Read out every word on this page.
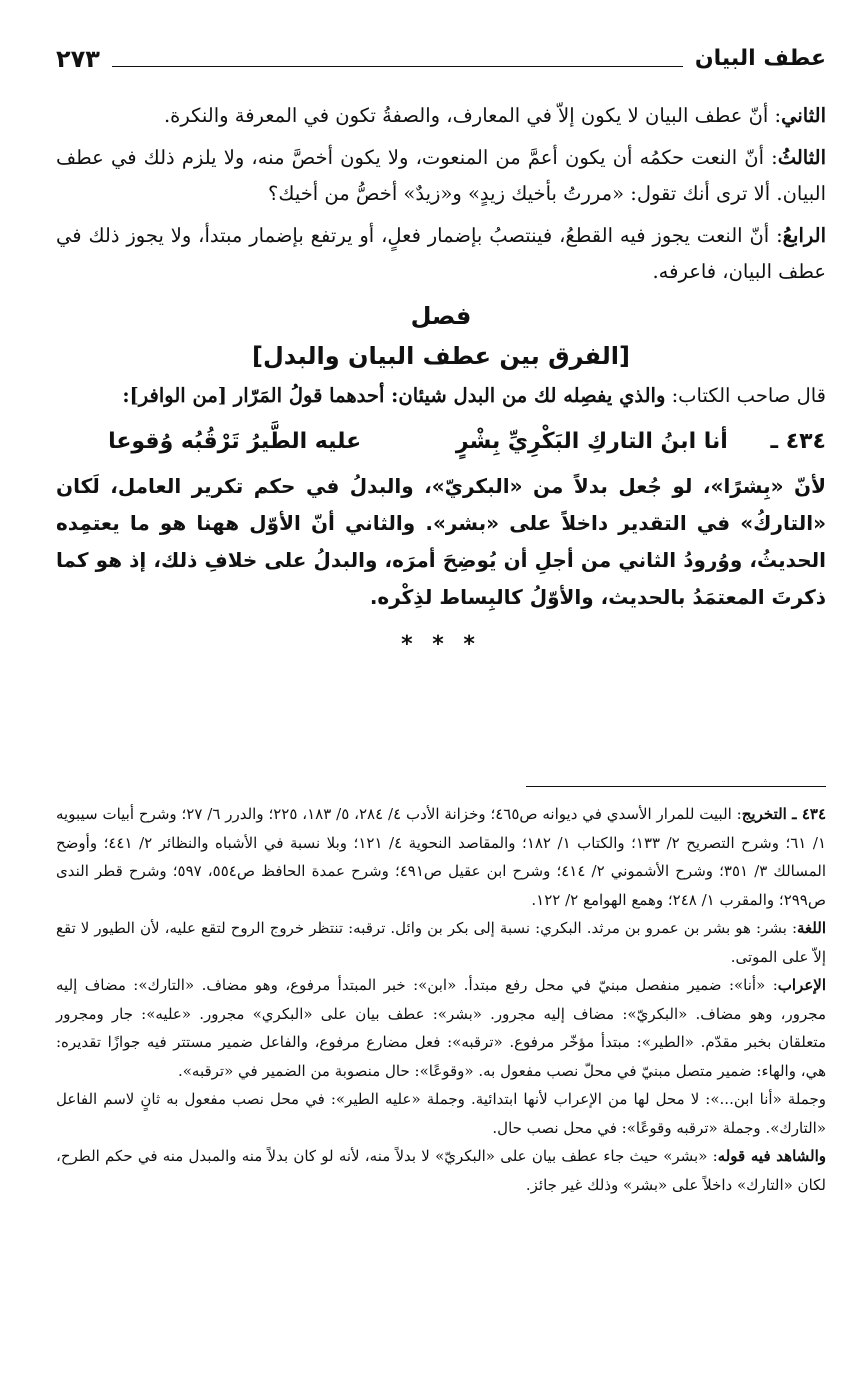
عطف البيان
٢٧٣

الثاني: أنّ عطف البيان لا يكون إلاّ في المعارف، والصفةُ تكون في المعرفة والنكرة.

الثالثُ: أنّ النعت حكمُه أن يكون أعمَّ من المنعوت، ولا يكون أخصَّ منه، ولا يلزم ذلك في عطف البيان. ألا ترى أنك تقول: «مررتُ بأخيك زيدٍ» و«زيدٌ» أخصُّ من أخيك؟

الرابعُ: أنّ النعت يجوز فيه القطعُ، فينتصبُ بإضمار فعلٍ، أو يرتفع بإضمار مبتدأ، ولا يجوز ذلك في عطف البيان، فاعرفه.

فصل
[الفرق بين عطف البيان والبدل]

قال صاحب الكتاب: والذي يفصِله لك من البدل شيئان: أحدهما قولُ المَرّار [من الوافر]:

٤٣٤ ـ
أنا ابنُ التاركِ البَكْرِيِّ بِشْرٍ
عليه الطَّيرُ تَرْقُبُه وُقوعا

لأنّ «بِشرًا»، لو جُعل بدلاً من «البكريّ»، والبدلُ في حكم تكرير العامل، لَكان «التاركُ» في التقدير داخلاً على «بشر». والثاني أنّ الأوّل ههنا هو ما يعتمِده الحديثُ، ووُرودُ الثاني من أجلِ أن يُوضِحَ أمرَه، والبدلُ على خلافِ ذلك، إذ هو كما ذكرتَ المعتمَدُ بالحديث، والأوّلُ كالبِساط لذِكْره.

* * *

٤٣٤ ـ التخريج: البيت للمرار الأسدي في ديوانه ص٤٦٥؛ وخزانة الأدب ٤/ ٢٨٤، ٥/ ١٨٣، ٢٢٥؛ والدرر ٦/ ٢٧؛ وشرح أبيات سيبويه ١/ ٦١؛ وشرح التصريح ٢/ ١٣٣؛ والكتاب ١/ ١٨٢؛ والمقاصد النحوية ٤/ ١٢١؛ وبلا نسبة في الأشباه والنظائر ٢/ ٤٤١؛ وأوضح المسالك ٣/ ٣٥١؛ وشرح الأشموني ٢/ ٤١٤؛ وشرح ابن عقيل ص٤٩١؛ وشرح عمدة الحافظ ص٥٥٤، ٥٩٧؛ وشرح قطر الندى ص٢٩٩؛ والمقرب ١/ ٢٤٨؛ وهمع الهوامع ٢/ ١٢٢.

اللغة: بشر: هو بشر بن عمرو بن مرثد. البكري: نسبة إلى بكر بن وائل. ترقبه: تنتظر خروج الروح لتقع عليه، لأن الطيور لا تقع إلاّ على الموتى.

الإعراب: «أنا»: ضمير منفصل مبنيّ في محل رفع مبتدأ. «ابن»: خبر المبتدأ مرفوع، وهو مضاف. «التارك»: مضاف إليه مجرور، وهو مضاف. «البكريّ»: مضاف إليه مجرور. «بشر»: عطف بيان على «البكري» مجرور. «عليه»: جار ومجرور متعلقان بخبر مقدّم. «الطير»: مبتدأ مؤخّر مرفوع. «ترقبه»: فعل مضارع مرفوع، والفاعل ضمير مستتر فيه جوازًا تقديره: هي، والهاء: ضمير متصل مبنيّ في محلّ نصب مفعول به. «وقوعًا»: حال منصوبة من الضمير في «ترقبه».

وجملة «أنا ابن...»: لا محل لها من الإعراب لأنها ابتدائية. وجملة «عليه الطير»: في محل نصب مفعول به ثانٍ لاسم الفاعل «التارك». وجملة «ترقبه وقوعًا»: في محل نصب حال.

والشاهد فيه قوله: «بشر» حيث جاء عطف بيان على «البكريّ» لا بدلاً منه، لأنه لو كان بدلاً منه والمبدل منه في حكم الطرح، لكان «التارك» داخلاً على «بشر» وذلك غير جائز.
